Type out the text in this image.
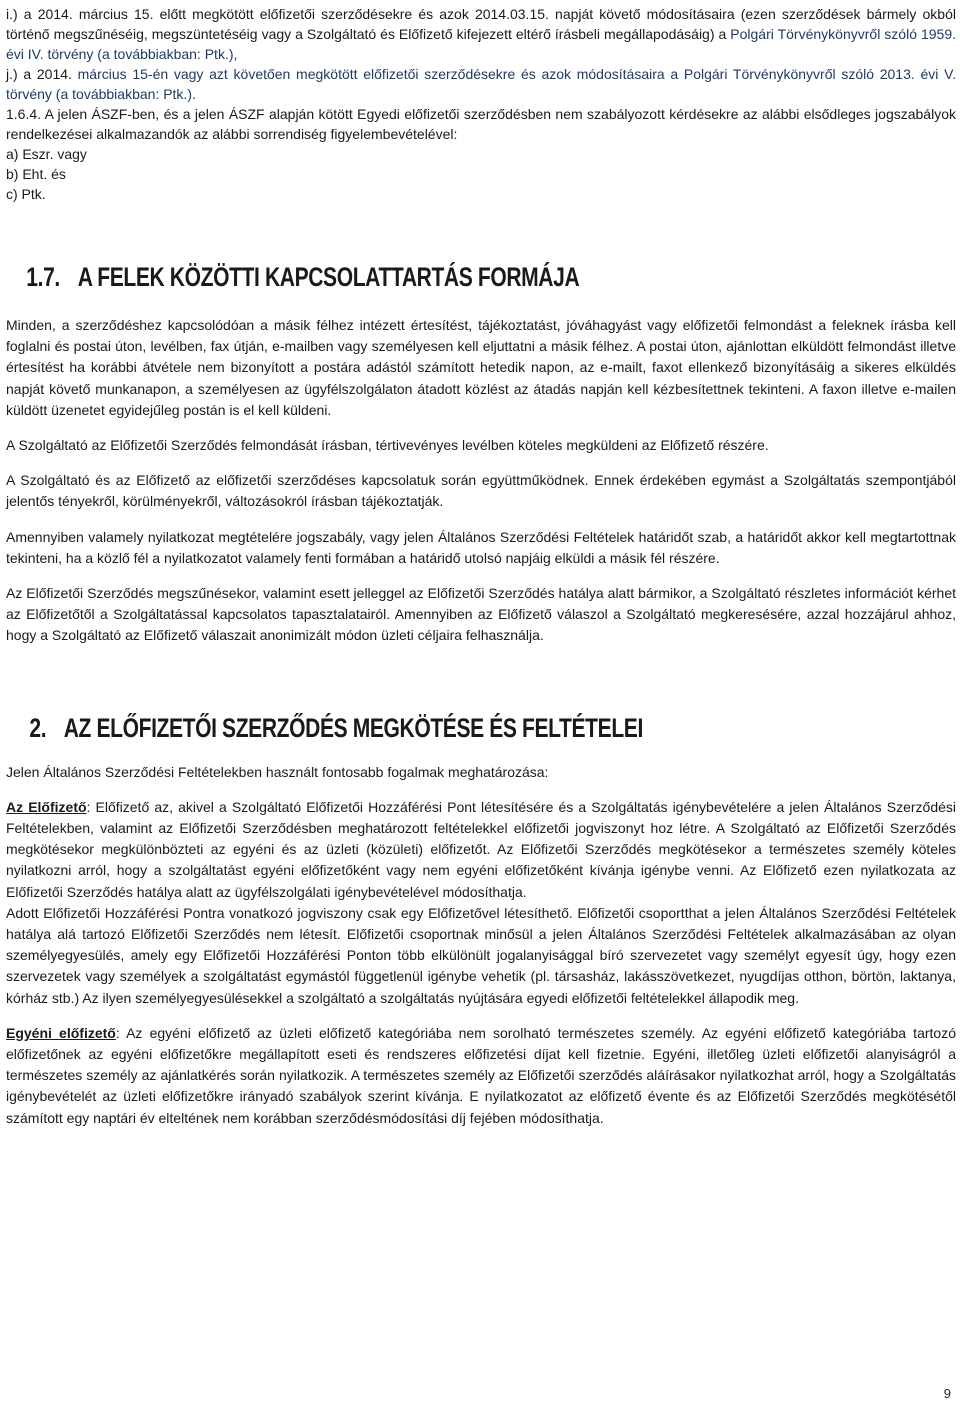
i.) a 2014. március 15. előtt megkötött előfizetői szerződésekre és azok 2014.03.15. napját követő módosításaira (ezen szerződések bármely okból történő megszűnéséig, megszüntetéséig vagy a Szolgáltató és Előfizető kifejezett eltérő írásbeli megállapodásáig) a Polgári Törvénykönyvről szóló 1959. évi IV. törvény (a továbbiakban: Ptk.),

j.) a 2014. március 15-én vagy azt követően megkötött előfizetői szerződésekre és azok módosításaira a Polgári Törvénykönyvről szóló 2013. évi V. törvény (a továbbiakban: Ptk.).

1.6.4. A jelen ÁSZF-ben, és a jelen ÁSZF alapján kötött Egyedi előfizetői szerződésben nem szabályozott kérdésekre az alábbi elsődleges jogszabályok rendelkezései alkalmazandók az alábbi sorrendiség figyelembevételével:

a) Eszr. vagy

b) Eht. és

c) Ptk.

1.7. A FELEK KÖZÖTTI KAPCSOLATTARTÁS FORMÁJA

Minden, a szerződéshez kapcsolódóan a másik félhez intézett értesítést, tájékoztatást, jóváhagyást vagy előfizetői felmondást a feleknek írásba kell foglalni és postai úton, levélben, fax útján, e-mailben vagy személyesen kell eljuttatni a másik félhez. A postai úton, ajánlottan elküldött felmondást illetve értesítést ha korábbi átvétele nem bizonyított a postára adástól számított hetedik napon, az e-mailt, faxot ellenkező bizonyításáig a sikeres elküldés napját követő munkanapon, a személyesen az ügyfélszolgálaton átadott közlést az átadás napján kell kézbesítettnek tekinteni. A faxon illetve e-mailen küldött üzenetet egyidejűleg postán is el kell küldeni.

A Szolgáltató az Előfizetői Szerződés felmondását írásban, tértivevényes levélben köteles megküldeni az Előfizető részére.

A Szolgáltató és az Előfizető az előfizetői szerződéses kapcsolatuk során együttműködnek. Ennek érdekében egymást a Szolgáltatás szempontjából jelentős tényekről, körülményekről, változásokról írásban tájékoztatják.

Amennyiben valamely nyilatkozat megtételére jogszabály, vagy jelen Általános Szerződési Feltételek határidőt szab, a határidőt akkor kell megtartottnak tekinteni, ha a közlő fél a nyilatkozatot valamely fenti formában a határidő utolsó napjáig elküldi a másik fél részére.

Az Előfizetői Szerződés megszűnésekor, valamint esett jelleggel az Előfizetői Szerződés hatálya alatt bármikor, a Szolgáltató részletes információt kérhet az Előfizetőtől a Szolgáltatással kapcsolatos tapasztalatairól. Amennyiben az Előfizető válaszol a Szolgáltató megkeresésére, azzal hozzájárul ahhoz, hogy a Szolgáltató az Előfizető válaszait anonimizált módon üzleti céljaira felhasználja.

2. AZ ELŐFIZETŐI SZERZŐDÉS MEGKÖTÉSE ÉS FELTÉTELEI

Jelen Általános Szerződési Feltételekben használt fontosabb fogalmak meghatározása:

Az Előfizető: Előfizető az, akivel a Szolgáltató Előfizetői Hozzáférési Pont létesítésére és a Szolgáltatás igénybevételére a jelen Általános Szerződési Feltételekben, valamint az Előfizetői Szerződésben meghatározott feltételekkel előfizetői jogviszonyt hoz létre. A Szolgáltató az Előfizetői Szerződés megkötésekor megkülönbözteti az egyéni és az üzleti (közületi) előfizetőt. Az Előfizetői Szerződés megkötésekor a természetes személy köteles nyilatkozni arról, hogy a szolgáltatást egyéni előfizetőként vagy nem egyéni előfizetőként kívánja igénybe venni. Az Előfizető ezen nyilatkozata az Előfizetői Szerződés hatálya alatt az ügyfélszolgálati igénybevételével módosíthatja.

Adott Előfizetői Hozzáférési Pontra vonatkozó jogviszony csak egy Előfizetővel létesíthető. Előfizetői csoportthat a jelen Általános Szerződési Feltételek hatálya alá tartozó Előfizetői Szerződés nem létesít. Előfizetői csoportnak minősül a jelen Általános Szerződési Feltételek alkalmazásában az olyan személyegyesülés, amely egy Előfizetői Hozzáférési Ponton több elkülönült jogalanyisággal bíró szervezetet vagy személyt egyesít úgy, hogy ezen szervezetek vagy személyek a szolgáltatást egymástól függetlenül igénybe vehetik (pl. társasház, lakásszövetkezet, nyugdíjas otthon, börtön, laktanya, kórház stb.) Az ilyen személyegyesülésekkel a szolgáltató a szolgáltatás nyújtására egyedi előfizetői feltételekkel állapodik meg.

Egyéni előfizető: Az egyéni előfizető az üzleti előfizető kategóriába nem sorolható természetes személy. Az egyéni előfizető kategóriába tartozó előfizetőnek az egyéni előfizetőkre megállapított eseti és rendszeres előfizetési díjat kell fizetnie. Egyéni, illetőleg üzleti előfizetői alanyiságról a természetes személy az ajánlatkérés során nyilatkozik. A természetes személy az Előfizetői szerződés aláírásakor nyilatkozhat arról, hogy a Szolgáltatás igénybevételét az üzleti előfizetőkre irányadó szabályok szerint kívánja. E nyilatkozatot az előfizető évente és az Előfizetői Szerződés megkötésétől számított egy naptári év elteltének nem korábban szerződésmódosítási díj fejében módosíthatja.

9
